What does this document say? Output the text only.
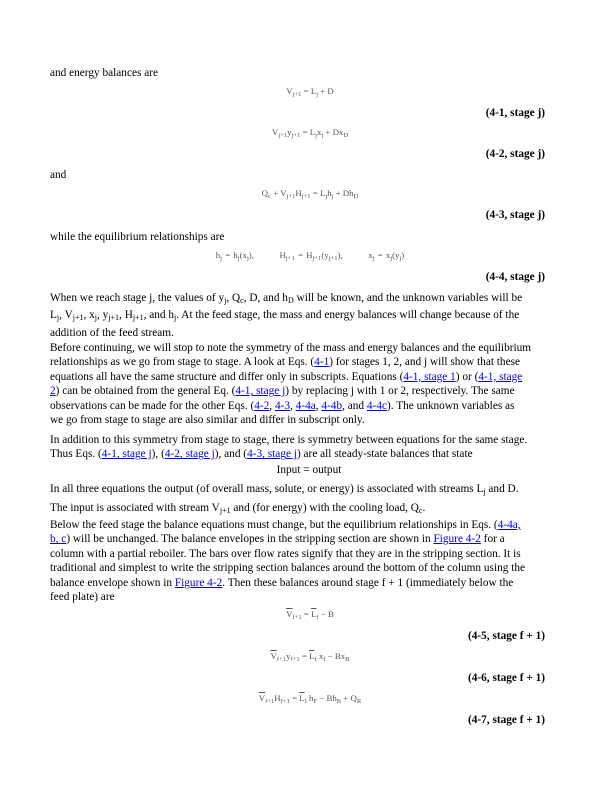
and energy balances are
$V_{j+1} = L_j + D$
(4-1, stage j)
$V_{j+1}y_{j+1} = L_jx_j + Dx_D$
(4-2, stage j)
and
$Q_c + V_{j+1}H_{j+1} = L_jh_j + Dh_D$
(4-3, stage j)
while the equilibrium relationships are
$h_j = h_j(x_j)$,	$H_{j+1} = H_{j+1}(y_{j+1})$,	$x_j = x_j(y_j)$
(4-4, stage j)
When we reach stage j, the values of $y_j$, $Q_c$, D, and $h_D$ will be known, and the unknown variables will be
$L_j$, $V_{j+1}$, $x_j$, $y_{j+1}$, $H_{j+1}$, and $h_j$. At the feed stage, the mass and energy balances will change because of the
addition of the feed stream.
Before continuing, we will stop to note the symmetry of the mass and energy balances and the equilibrium
relationships as we go from stage to stage. A look at Eqs. (4-1) for stages 1, 2, and j will show that these
equations all have the same structure and differ only in subscripts. Equations (4-1, stage 1) or (4-1, stage
2) can be obtained from the general Eq. (4-1, stage j) by replacing j with 1 or 2, respectively. The same
observations can be made for the other Eqs. (4-2, 4-3, 4-4a, 4-4b, and 4-4c). The unknown variables as
we go from stage to stage are also similar and differ in subscript only.
In addition to this symmetry from stage to stage, there is symmetry between equations for the same stage.
Thus Eqs. (4-1, stage j), (4-2, stage j), and (4-3, stage j) are all steady-state balances that state
Input = output
In all three equations the output (of overall mass, solute, or energy) is associated with streams $L_j$ and D.
The input is associated with stream $V_{j+1}$ and (for energy) with the cooling load, $Q_c$.
Below the feed stage the balance equations must change, but the equilibrium relationships in Eqs. (4-4a,
b, c) will be unchanged. The balance envelopes in the stripping section are shown in Figure 4-2 for a
column with a partial reboiler. The bars over flow rates signify that they are in the stripping section. It is
traditional and simplest to write the stripping section balances around the bottom of the column using the
balance envelope shown in Figure 4-2. Then these balances around stage f + 1 (immediately below the
feed plate) are
$\overline{V}_{f+1} = \overline{L}_f - B$
(4-5, stage f + 1)
$\overline{V}_{f+1}y_{f+1} = \overline{L}_f$ $x_f - Bx_B$
(4-6, stage f + 1)
$\overline{V}_{f+1}H_{f+1} = \overline{L}_f$ $h_F - Bh_B + Q_R$
(4-7, stage f + 1)
